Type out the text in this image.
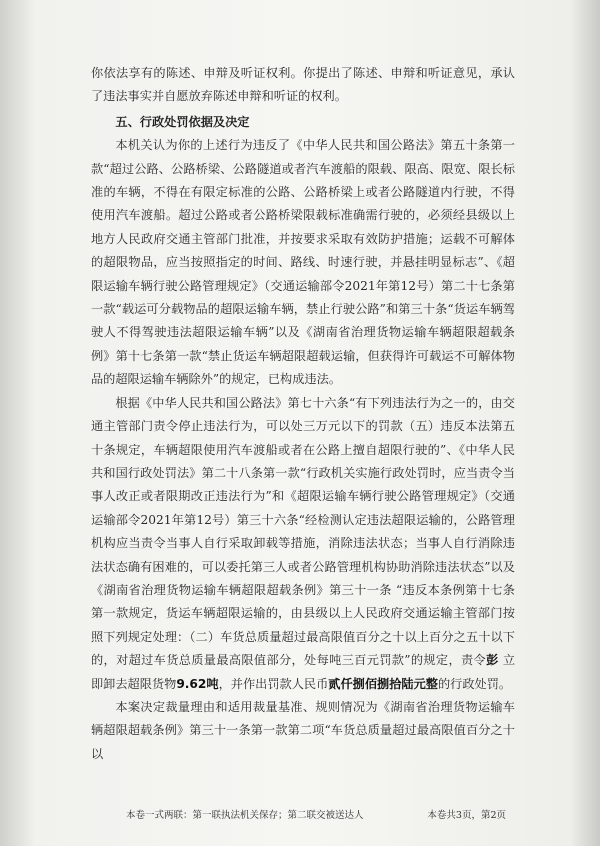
你依法享有的陈述、申辩及听证权利。你提出了陈述、申辩和听证意见，承认了违法事实并自愿放弃陈述申辩和听证的权利。

五、行政处罚依据及决定

本机关认为你的上述行为违反了《中华人民共和国公路法》第五十条第一款“超过公路、公路桥梁、公路隧道或者汽车渡船的限载、限高、限宽、限长标准的车辆，不得在有限定标准的公路、公路桥梁上或者公路隧道内行驶，不得使用汽车渡船。超过公路或者公路桥梁限载标准确需行驶的，必须经县级以上地方人民政府交通主管部门批准，并按要求采取有效防护措施；运载不可解体的超限物品，应当按照指定的时间、路线、时速行驶，并悬挂明显标志”、《超限运输车辆行驶公路管理规定》（交通运输部令2021年第12号）第二十七条第一款“载运可分载物品的超限运输车辆，禁止行驶公路”和第三十条“货运车辆驾驶人不得驾驶违法超限运输车辆”以及《湖南省治理货物运输车辆超限超载条例》第十七条第一款“禁止货运车辆超限超载运输，但获得许可载运不可解体物品的超限运输车辆除外”的规定，已构成违法。

根据《中华人民共和国公路法》第七十六条“有下列违法行为之一的，由交通主管部门责令停止违法行为，可以处三万元以下的罚款（五）违反本法第五十条规定，车辆超限使用汽车渡船或者在公路上擅自超限行驶的”、《中华人民共和国行政处罚法》第二十八条第一款“行政机关实施行政处罚时，应当责令当事人改正或者限期改正违法行为”和《超限运输车辆行驶公路管理规定》（交通运输部令2021年第12号）第三十六条“经检测认定违法超限运输的，公路管理机构应当责令当事人自行采取卸载等措施，消除违法状态；当事人自行消除违法状态确有困难的，可以委托第三人或者公路管理机构协助消除违法状态”以及《湖南省治理货物运输车辆超限超载条例》第三十一条 “违反本条例第十七条第一款规定，货运车辆超限运输的，由县级以上人民政府交通运输主管部门按照下列规定处理：（二）车货总质量超过最高限值百分之十以上百分之五十以下的，对超过车货总质量最高限值部分，处每吨三百元罚款”的规定，责令彭 立即卸去超限货物9.62吨，并作出罚款人民币贰仟捌佰捌拾陆元整的行政处罚。

本案决定裁量理由和适用裁量基准、规则情况为《湖南省治理货物运输车辆超限超载条例》第三十一条第一款第二项“车货总质量超过最高限值百分之十以

本卷一式两联：第一联执法机关保存；第二联交被送达人	本卷共3页，第2页
